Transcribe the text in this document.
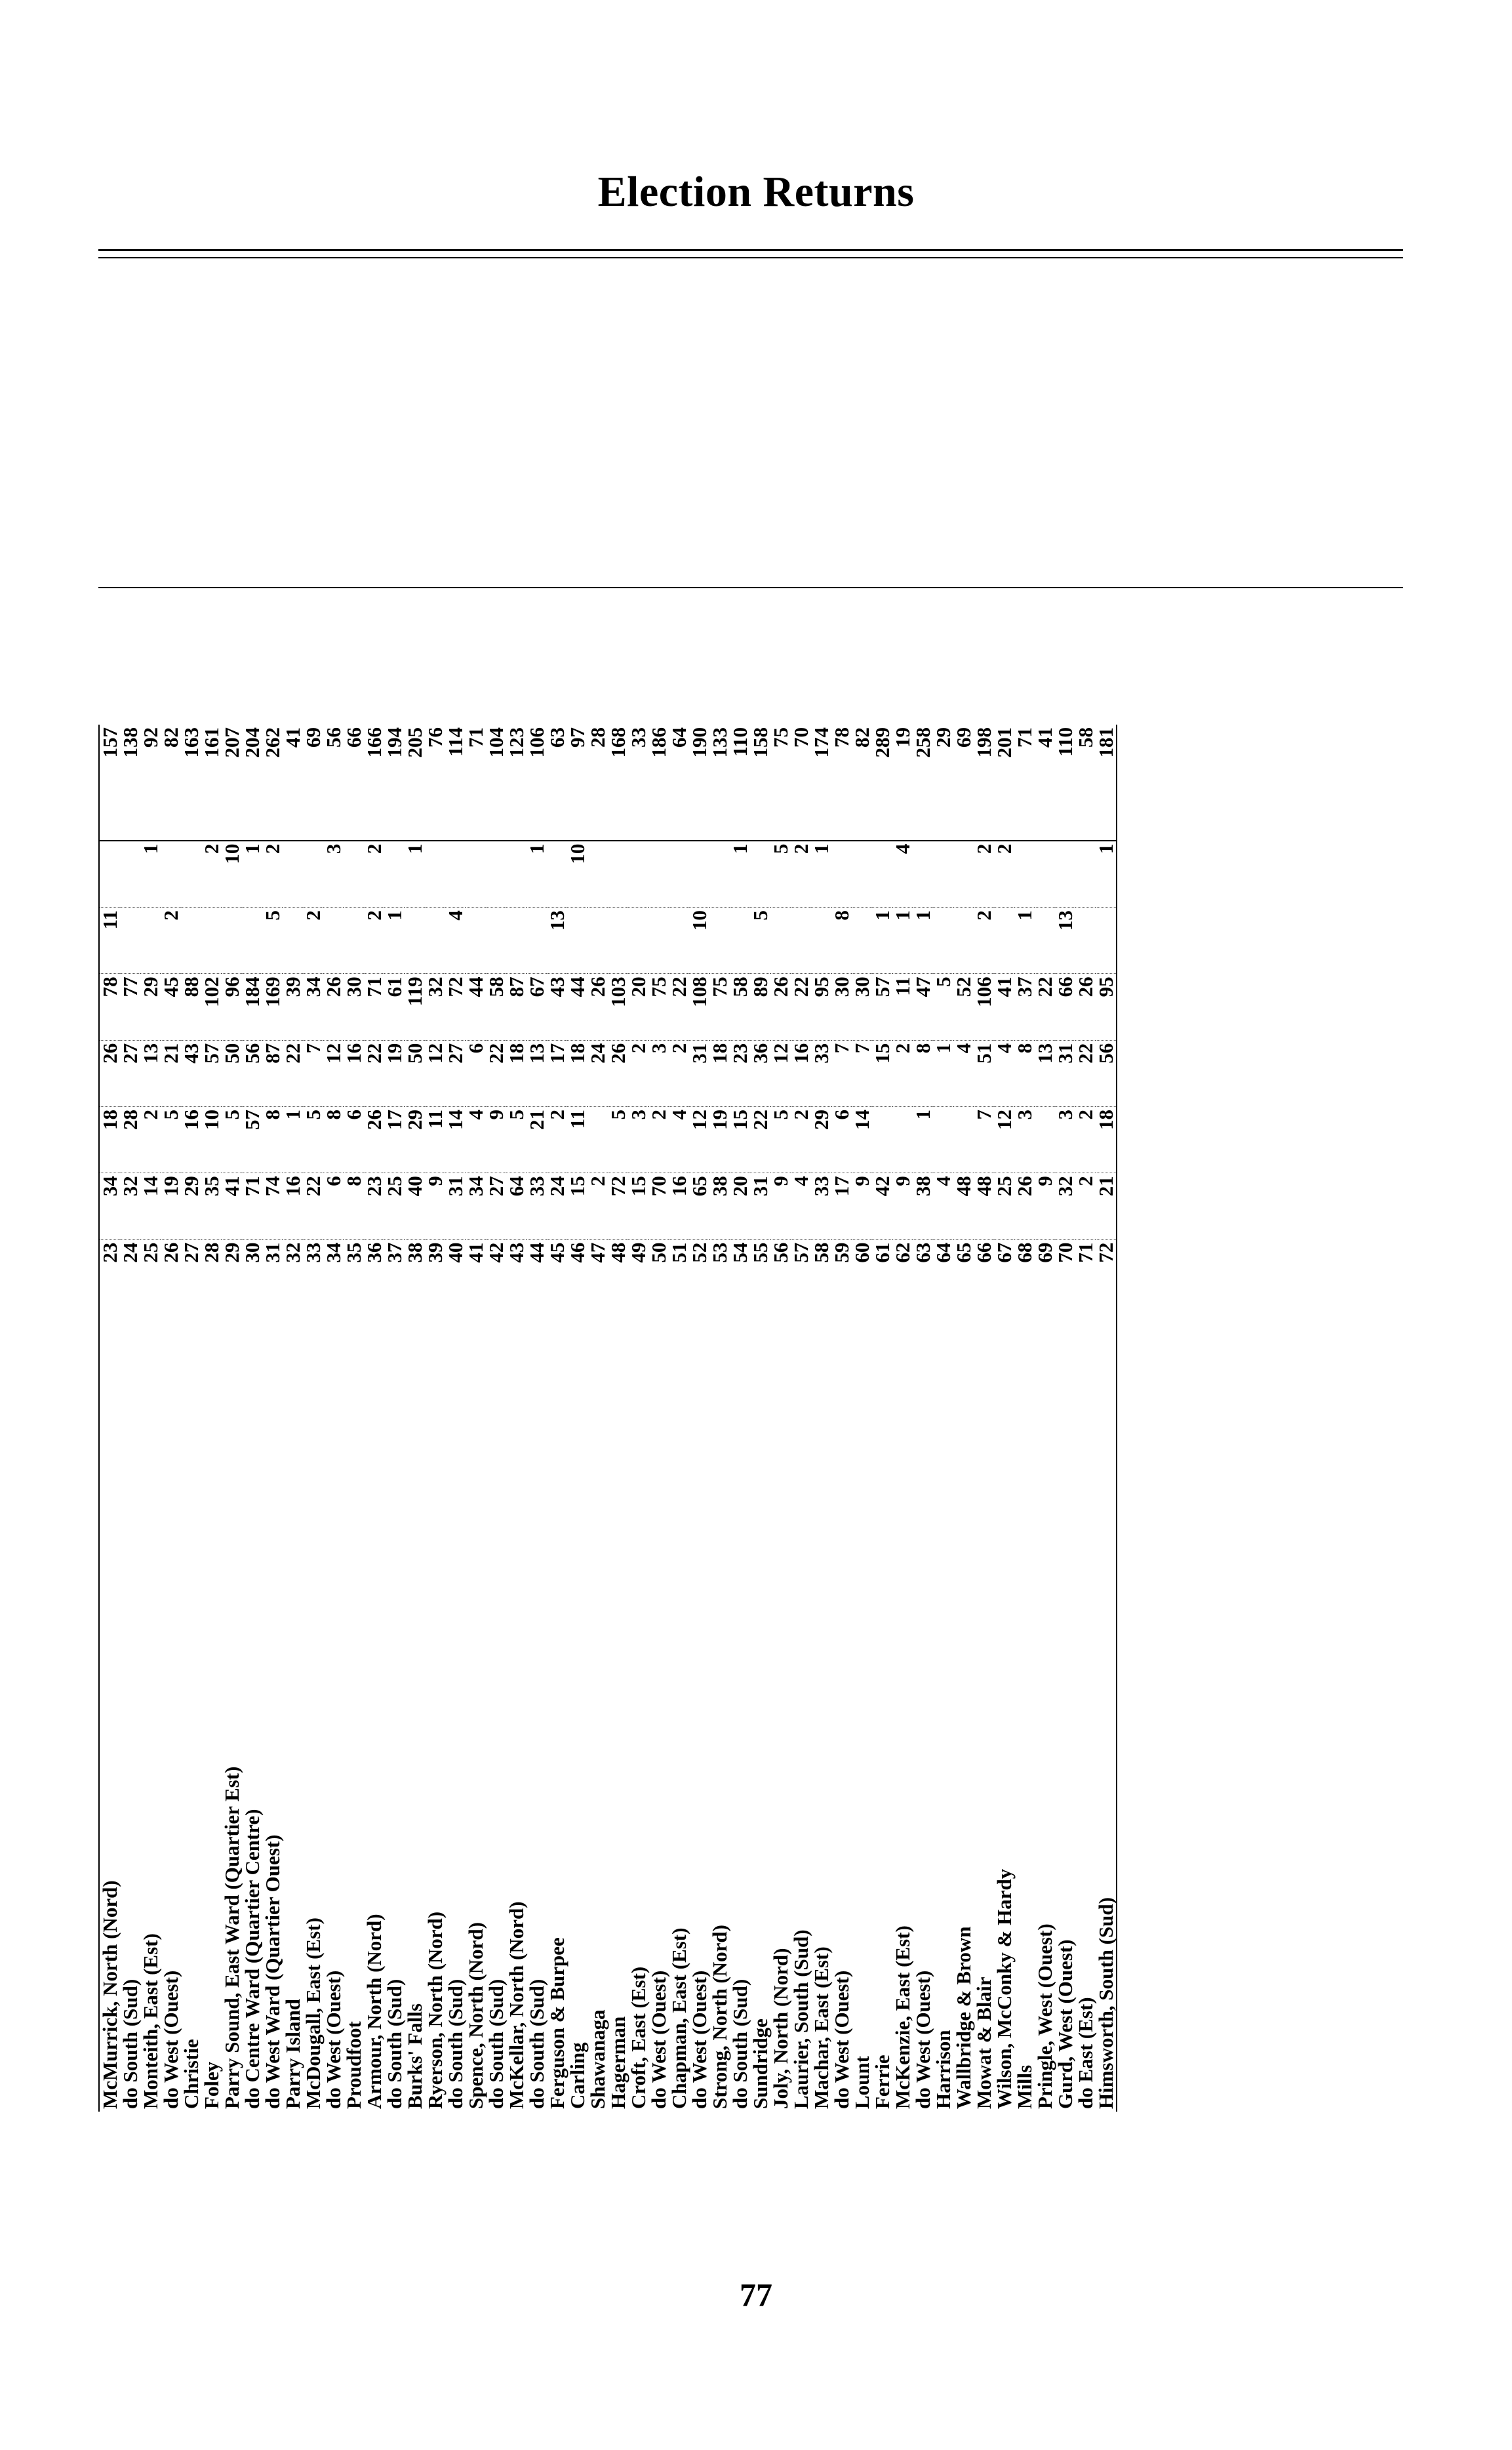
Election Returns
McMurrick, North (Nord)	23	34	18	26	78	11		157
do South (Sud)	24	32	28	27	77			138
Monteith, East (Est)	25	14	2	13	29		1	92
do West (Ouest)	26	19	5	21	45	2		82
Christie	27	29	16	43	88			163
Foley	28	35	10	57	102		2	161
Parry Sound, East Ward (Quartier Est)	29	41	5	50	96		10	207
do Centre Ward (Quartier Centre)	30	71	57	56	184		1	204
do West Ward (Quartier Ouest)	31	74	8	87	169	5	2	262
Parry Island	32	16	1	22	39			41
McDougall, East (Est)	33	22	5	7	34	2		69
do West (Ouest)	34	6	8	12	26		3	56
Proudfoot	35	8	6	16	30			66
Armour, North (Nord)	36	23	26	22	71	2	2	166
do South (Sud)	37	25	17	19	61	1		194
Burks' Falls	38	40	29	50	119		1	205
Ryerson, North (Nord)	39	9	11	12	32			76
do South (Sud)	40	31	14	27	72	4		114
Spence, North (Nord)	41	34	4	6	44			71
do South (Sud)	42	27	9	22	58			104
McKellar, North (Nord)	43	64	5	18	87			123
do South (Sud)	44	33	21	13	67		1	106
Ferguson & Burpee	45	24	2	17	43	13		63
Carling	46	15	11	18	44		10	97
Shawanaga	47	2		24	26			28
Hagerman	48	72	5	26	103			168
Croft, East (Est)	49	15	3	2	20			33
do West (Ouest)	50	70	2	3	75			186
Chapman, East (Est)	51	16	4	2	22			64
do West (Ouest)	52	65	12	31	108	10		190
Strong, North (Nord)	53	38	19	18	75			133
do South (Sud)	54	20	15	23	58		1	110
Sundridge	55	31	22	36	89	5		158
Joly, North (Nord)	56	9	5	12	26		5	75
Laurier, South (Sud)	57	4	2	16	22		2	70
Machar, East (Est)	58	33	29	33	95		1	174
do West (Ouest)	59	17	6	7	30	8		78
Lount	60	9	14	7	30			82
Ferrie	61	42		15	57	1		289
McKenzie, East (Est)	62	9		2	11	1	4	19
do West (Ouest)	63	38	1	8	47	1		258
Harrison	64	4		1	5			29
Wallbridge & Brown	65	48		4	52			69
Mowat & Blair	66	48	7	51	106	2	2	198
Wilson, McConky & Hardy	67	25	12	4	41		2	201
Mills	68	26	3	8	37	1		71
Pringle, West (Ouest)	69	9		13	22			41
Gurd, West (Ouest)	70	32	3	31	66	13		110
do East (Est)	71	2	2	22	26			58
Himsworth, South (Sud)	72	21	18	56	95		1	181
77
